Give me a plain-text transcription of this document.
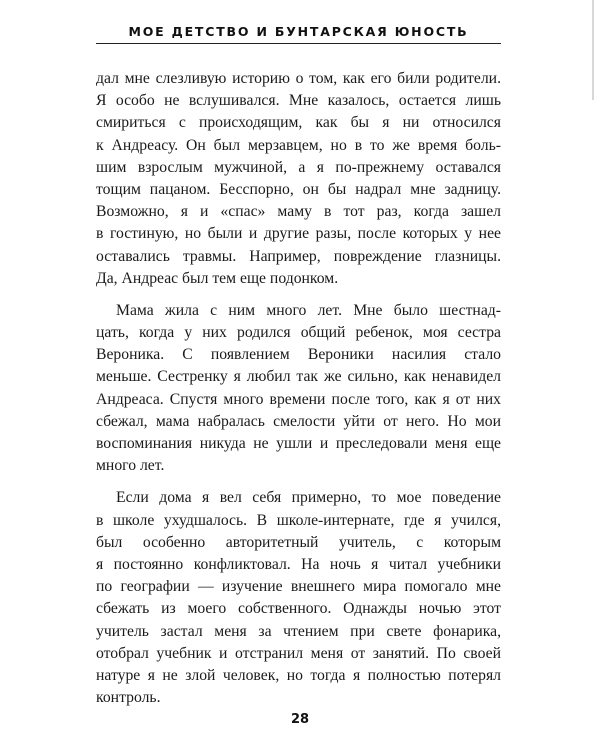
МОЕ ДЕТСТВО И БУНТАРСКАЯ ЮНОСТЬ

дал мне слезливую историю о том, как его били родители.
Я особо не вслушивался. Мне казалось, остается лишь
смириться с происходящим, как бы я ни относился
к Андреасу. Он был мерзавцем, но в то же время боль-
шим взрослым мужчиной, а я по-прежнему оставался
тощим пацаном. Бесспорно, он бы надрал мне задницу.
Возможно, я и «спас» маму в тот раз, когда зашел
в гостиную, но были и другие разы, после которых у нее
оставались травмы. Например, повреждение глазницы.
Да, Андреас был тем еще подонком.

Мама жила с ним много лет. Мне было шестнад-
цать, когда у них родился общий ребенок, моя сестра
Вероника. С появлением Вероники насилия стало
меньше. Сестренку я любил так же сильно, как ненавидел
Андреаса. Спустя много времени после того, как я от них
сбежал, мама набралась смелости уйти от него. Но мои
воспоминания никуда не ушли и преследовали меня еще
много лет.

Если дома я вел себя примерно, то мое поведение
в школе ухудшалось. В школе-интернате, где я учился,
был особенно авторитетный учитель, с которым
я постоянно конфликтовал. На ночь я читал учебники
по географии — изучение внешнего мира помогало мне
сбежать из моего собственного. Однажды ночью этот
учитель застал меня за чтением при свете фонарика,
отобрал учебник и отстранил меня от занятий. По своей
натуре я не злой человек, но тогда я полностью потерял
контроль.

28
